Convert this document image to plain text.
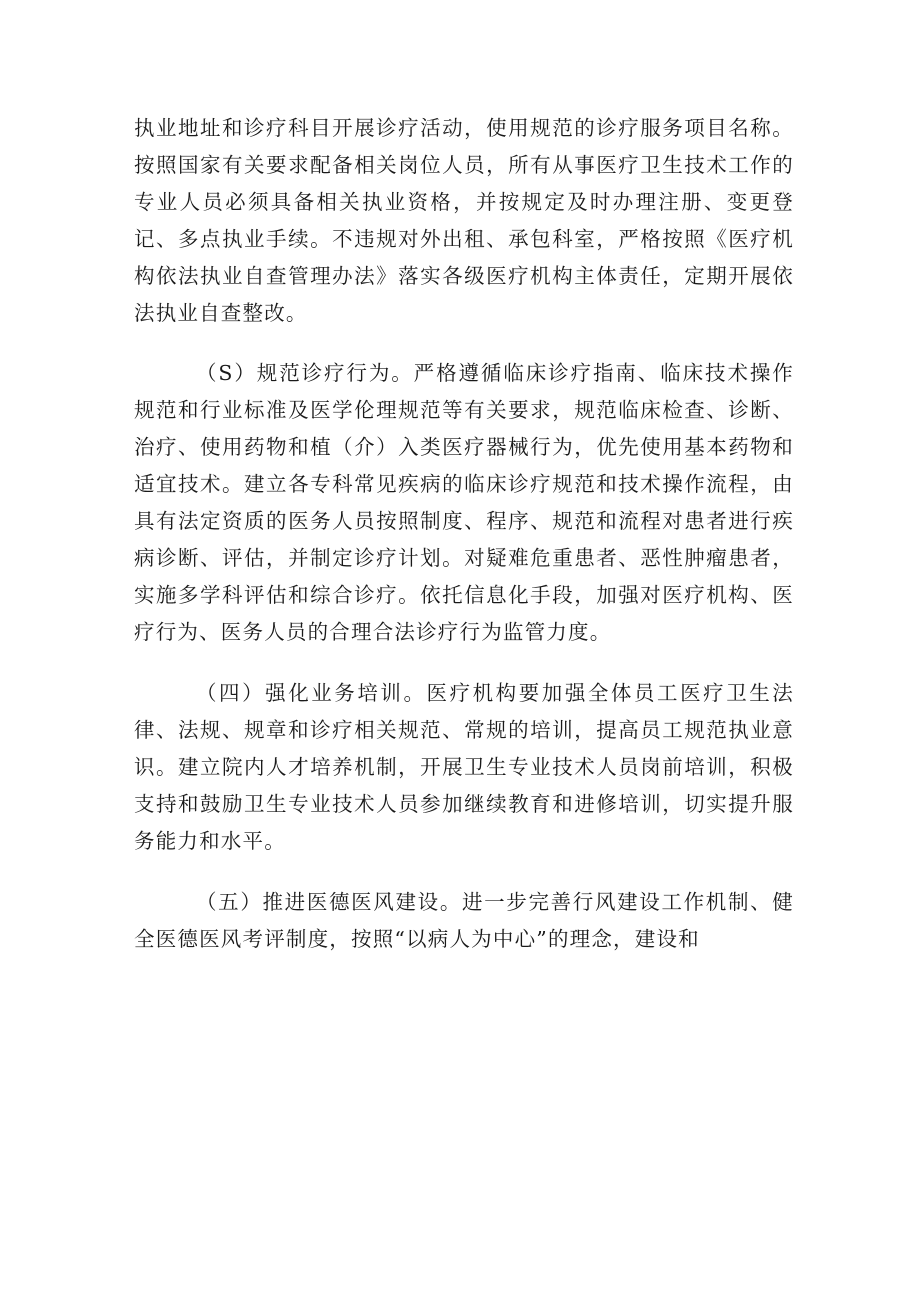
执业地址和诊疗科目开展诊疗活动，使用规范的诊疗服务项目名称。按照国家有关要求配备相关岗位人员，所有从事医疗卫生技术工作的专业人员必须具备相关执业资格，并按规定及时办理注册、变更登记、多点执业手续。不违规对外出租、承包科室，严格按照《医疗机构依法执业自查管理办法》落实各级医疗机构主体责任，定期开展依法执业自查整改。

（S）规范诊疗行为。严格遵循临床诊疗指南、临床技术操作规范和行业标准及医学伦理规范等有关要求，规范临床检查、诊断、治疗、使用药物和植（介）入类医疗器械行为，优先使用基本药物和适宜技术。建立各专科常见疾病的临床诊疗规范和技术操作流程，由具有法定资质的医务人员按照制度、程序、规范和流程对患者进行疾病诊断、评估，并制定诊疗计划。对疑难危重患者、恶性肿瘤患者，实施多学科评估和综合诊疗。依托信息化手段，加强对医疗机构、医疗行为、医务人员的合理合法诊疗行为监管力度。

（四）强化业务培训。医疗机构要加强全体员工医疗卫生法律、法规、规章和诊疗相关规范、常规的培训，提高员工规范执业意识。建立院内人才培养机制，开展卫生专业技术人员岗前培训，积极支持和鼓励卫生专业技术人员参加继续教育和进修培训，切实提升服务能力和水平。

（五）推进医德医风建设。进一步完善行风建设工作机制、健全医德医风考评制度，按照“以病人为中心”的理念，建设和
